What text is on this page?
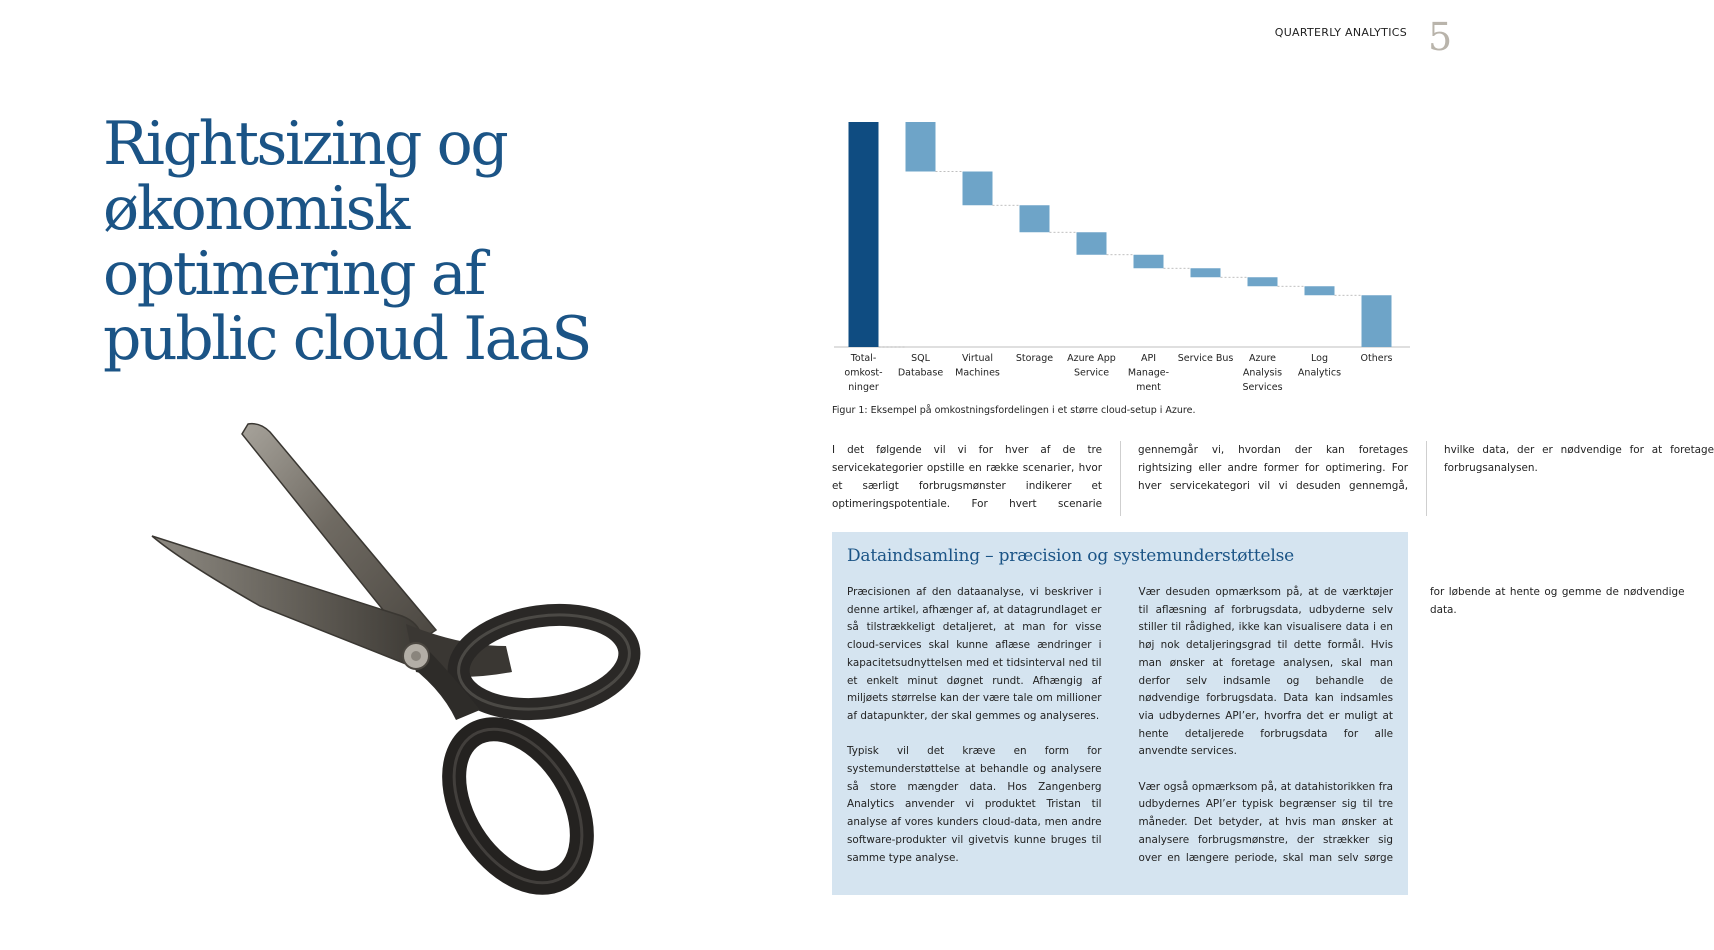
QUARTERLY ANALYTICS 5
Rightsizing og økonomisk optimering af public cloud IaaS	Total-omkost-ninger
SQL Database
Virtual Machines
Storage Azure App Service
API Manage-ment
Service Bus	Azure Analysis Services
Log Analytics
Others
Figur 1: Eksempel på omkostningsfordelingen i et større cloud-setup i Azure.

I det følgende vil vi for hver af de tre servicekategorier opstille en række scenarier, hvor et særligt forbrugsmønster indikerer et optimeringspotentiale. For hvert scenarie gennemgår vi, hvordan der kan foretages rightsizing eller andre former for optimering. For hver servicekategori vil vi desuden gennemgå, hvilke data, der er nødvendige for at foretage forbrugsanalysen.

Dataindsamling – præcision og systemunderstøttelse

Præcisionen af den dataanalyse, vi beskriver i denne artikel, afhænger af, at datagrundlaget er så tilstrækkeligt detaljeret, at man for visse cloud-services skal kunne aflæse ændringer i kapacitetsudnyttelsen med et tidsinterval ned til et enkelt minut døgnet rundt. Afhængig af miljøets størrelse kan der være tale om millioner af datapunkter, der skal gemmes og analyseres.

Typisk vil det kræve en form for systemunderstøttelse at behandle og analysere så store mængder data. Hos Zangenberg Analytics anvender vi produktet Tristan til analyse af vores kunders cloud-data, men andre software-produkter vil givetvis kunne bruges til samme type analyse.

Vær desuden opmærksom på, at de værktøjer til aflæsning af forbrugsdata, udbyderne selv stiller til rådighed, ikke kan visualisere data i en høj nok detaljeringsgrad til dette formål. Hvis man ønsker at foretage analysen, skal man derfor selv indsamle og behandle de nødvendige forbrugsdata. Data kan indsamles via udbydernes API’er, hvorfra det er muligt at hente detaljerede forbrugsdata for alle anvendte services.

Vær også opmærksom på, at datahistorikken fra udbydernes API’er typisk begrænser sig til tre måneder. Det betyder, at hvis man ønsker at analysere forbrugsmønstre, der strækker sig over en længere periode, skal man selv sørge for løbende at hente og gemme de nødvendige data.
